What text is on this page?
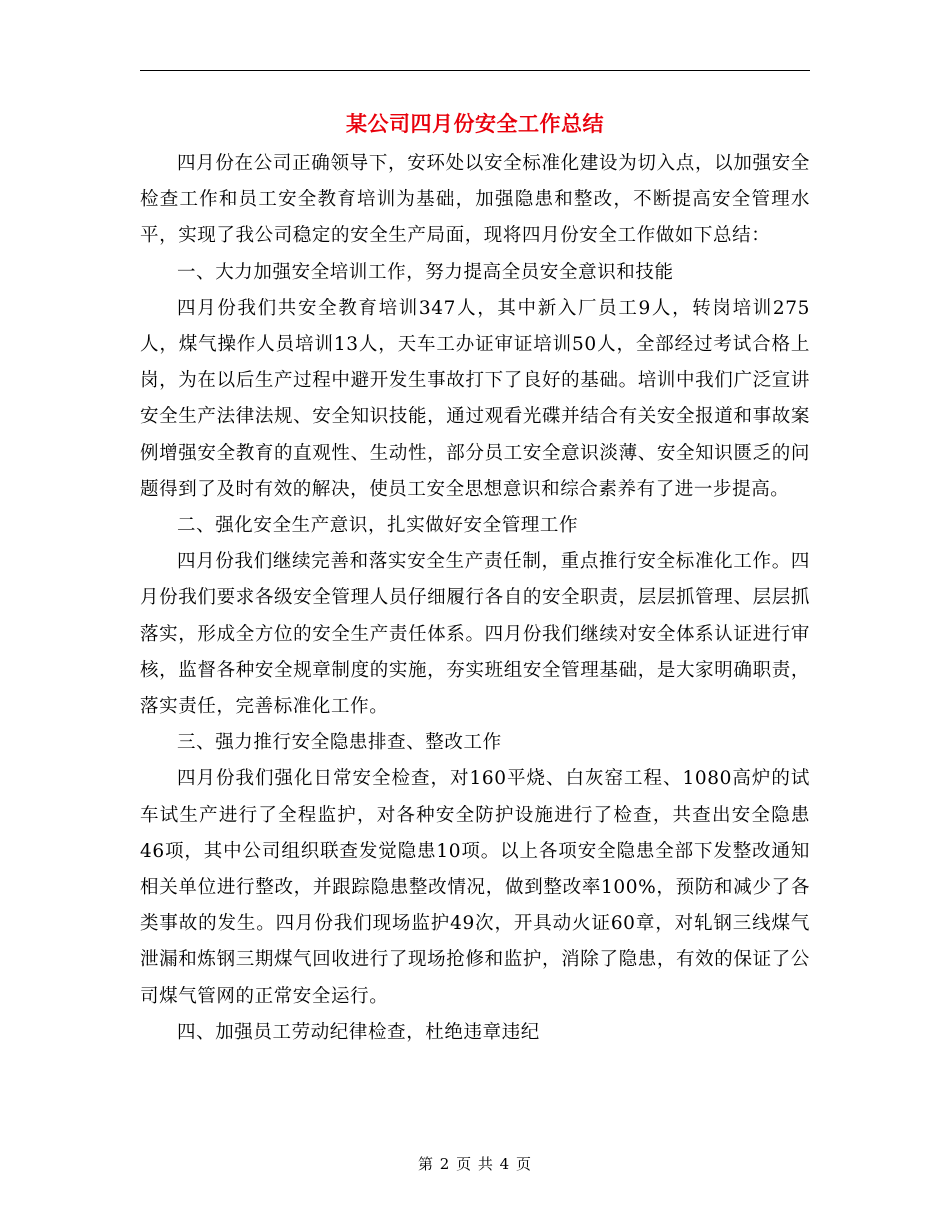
某公司四月份安全工作总结

四月份在公司正确领导下，安环处以安全标准化建设为切入点，以加强安全检查工作和员工安全教育培训为基础，加强隐患和整改，不断提高安全管理水平，实现了我公司稳定的安全生产局面，现将四月份安全工作做如下总结：

一、大力加强安全培训工作，努力提高全员安全意识和技能

四月份我们共安全教育培训347人，其中新入厂员工9人，转岗培训275人，煤气操作人员培训13人，天车工办证审证培训50人，全部经过考试合格上岗，为在以后生产过程中避开发生事故打下了良好的基础。培训中我们广泛宣讲安全生产法律法规、安全知识技能，通过观看光碟并结合有关安全报道和事故案例增强安全教育的直观性、生动性，部分员工安全意识淡薄、安全知识匮乏的问题得到了及时有效的解决，使员工安全思想意识和综合素养有了进一步提高。

二、强化安全生产意识，扎实做好安全管理工作

四月份我们继续完善和落实安全生产责任制，重点推行安全标准化工作。四月份我们要求各级安全管理人员仔细履行各自的安全职责，层层抓管理、层层抓落实，形成全方位的安全生产责任体系。四月份我们继续对安全体系认证进行审核，监督各种安全规章制度的实施，夯实班组安全管理基础，是大家明确职责，落实责任，完善标准化工作。

三、强力推行安全隐患排查、整改工作

四月份我们强化日常安全检查，对160平烧、白灰窑工程、1080高炉的试车试生产进行了全程监护，对各种安全防护设施进行了检查，共查出安全隐患46项，其中公司组织联查发觉隐患10项。以上各项安全隐患全部下发整改通知相关单位进行整改，并跟踪隐患整改情况，做到整改率100%，预防和减少了各类事故的发生。四月份我们现场监护49次，开具动火证60章，对轧钢三线煤气泄漏和炼钢三期煤气回收进行了现场抢修和监护，消除了隐患，有效的保证了公司煤气管网的正常安全运行。

四、加强员工劳动纪律检查，杜绝违章违纪

第 2 页 共 4 页
